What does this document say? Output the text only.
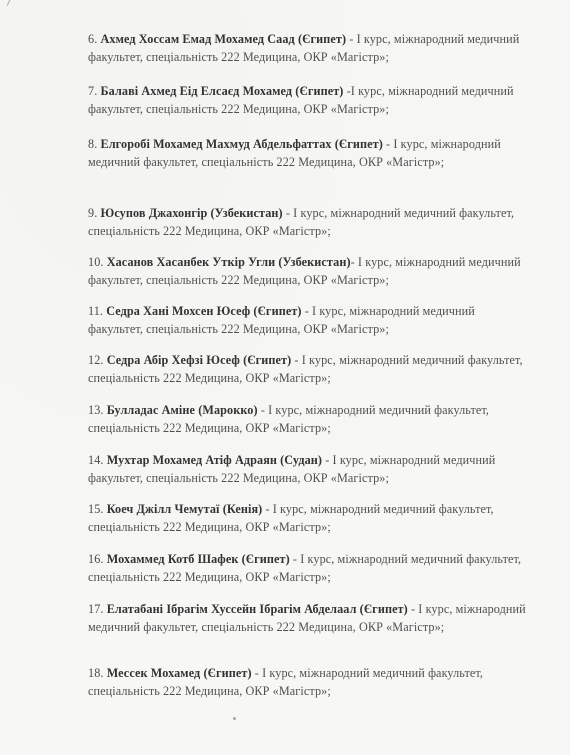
6. Ахмед Хоссам Емад Мохамед Саад (Єгипет) - I курс, міжнародний медичний факультет, спеціальність 222 Медицина, ОКР «Магістр»;
7. Балаві Ахмед Еід Елсаєд Мохамед (Єгипет) -I курс, міжнародний медичний факультет, спеціальність 222 Медицина, ОКР «Магістр»;
8. Елгоробі Мохамед Махмуд Абдельфаттах (Єгипет) - I курс, міжнародний медичний факультет, спеціальність 222 Медицина, ОКР «Магістр»;
9. Юсупов Джахонгір (Узбекистан) - I курс, міжнародний медичний факультет, спеціальність 222 Медицина, ОКР «Магістр»;
10. Хасанов Хасанбек Уткір Угли (Узбекистан)- I курс, міжнародний медичний факультет, спеціальність 222 Медицина, ОКР «Магістр»;
11. Седра Хані Мохсен Юсеф (Єгипет) - I курс, міжнародний медичний факультет, спеціальність 222 Медицина, ОКР «Магістр»;
12. Седра Абір Хефзі Юсеф (Єгипет) - I курс, міжнародний медичний факультет, спеціальність 222 Медицина, ОКР «Магістр»;
13. Булладас Аміне (Марокко) - I курс, міжнародний медичний факультет, спеціальність 222 Медицина, ОКР «Магістр»;
14. Мухтар Мохамед Атіф Адраян (Судан) - I курс, міжнародний медичний факультет, спеціальність 222 Медицина, ОКР «Магістр»;
15. Коеч Джілл Чемутаї (Кенія) - I курс, міжнародний медичний факультет, спеціальність 222 Медицина, ОКР «Магістр»;
16. Мохаммед Котб Шафек (Єгипет) - I курс, міжнародний медичний факультет, спеціальність 222 Медицина, ОКР «Магістр»;
17. Елатабані Ібрагім Хуссейн Ібрагім Абделаал (Єгипет) - I курс, міжнародний медичний факультет, спеціальність 222 Медицина, ОКР «Магістр»;
18. Мессек Мохамед (Єгипет) - I курс, міжнародний медичний факультет, спеціальність 222 Медицина, ОКР «Магістр»;
